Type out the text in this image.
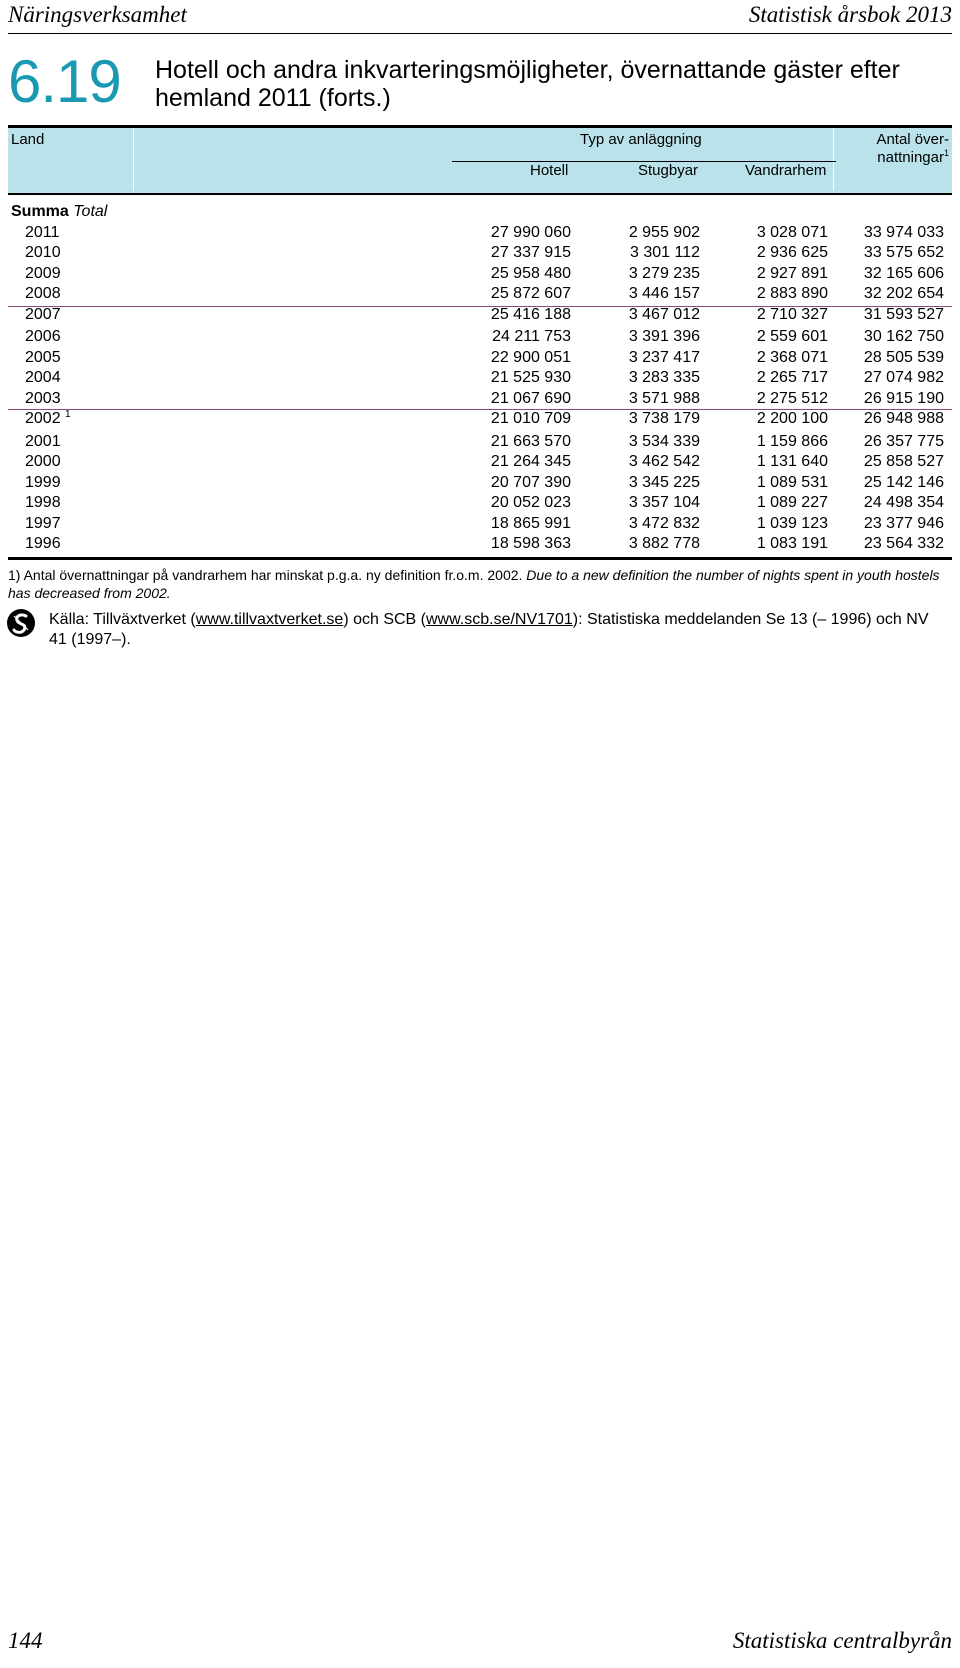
Näringsverksamhet	Statistisk årsbok 2013
6.19 Hotell och andra inkvarteringsmöjligheter, övernattande gäster efter hemland 2011 (forts.)
Land	Typ av anläggning
Hotell	Stugbyar	Vandrarhem
Antal över-
nattningar$^1$
Summa Total
2011	27 990 060	2 955 902	3 028 071	33 974 033
2010	27 337 915	3 301 112	2 936 625	33 575 652
2009	25 958 480	3 279 235	2 927 891	32 165 606
2008	25 872 607	3 446 157	2 883 890	32 202 654
2007	25 416 188	3 467 012	2 710 327	31 593 527
2006	24 211 753	3 391 396	2 559 601	30 162 750
2005	22 900 051	3 237 417	2 368 071	28 505 539
2004	21 525 930	3 283 335	2 265 717	27 074 982
2003	21 067 690	3 571 988	2 275 512	26 915 190
2002 $^1$	21 010 709	3 738 179	2 200 100	26 948 988
2001	21 663 570	3 534 339	1 159 866	26 357 775
2000	21 264 345	3 462 542	1 131 640	25 858 527
1999	20 707 390	3 345 225	1 089 531	25 142 146
1998	20 052 023	3 357 104	1 089 227	24 498 354
1997	18 865 991	3 472 832	1 039 123	23 377 946
1996	18 598 363	3 882 778	1 083 191	23 564 332
1) Antal övernattningar på vandrarhem har minskat p.g.a. ny definition fr.o.m. 2002. Due to a new definition the number of nights spent in youth hostels has decreased from 2002.
Källa: Tillväxtverket (www.tillvaxtverket.se) och SCB (www.scb.se/NV1701): Statistiska meddelanden Se 13 (– 1996) och NV 41 (1997–).
144	Statistiska centralbyrån
